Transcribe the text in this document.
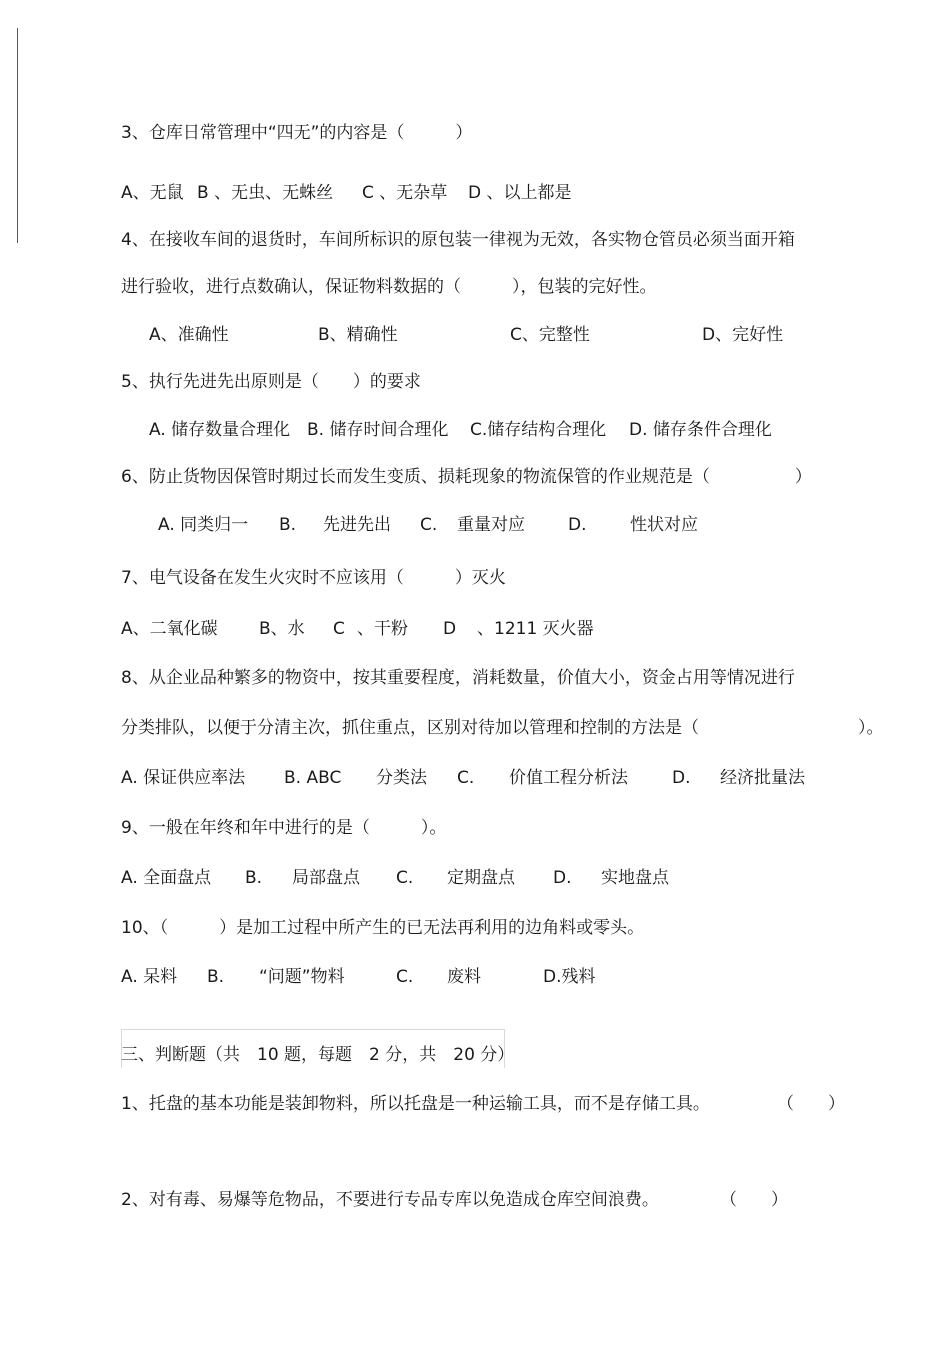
3、仓库日常管理中“四无”的内容是（　　　）
A、无鼠 B 、无虫、无蛛丝 C 、无杂草 D 、以上都是
4、在接收车间的退货时，车间所标识的原包装一律视为无效，各实物仓管员必须当面开箱
进行验收，进行点数确认，保证物料数据的（　　　），包装的完好性。
A、准确性	B、精确性	C、完整性	D、完好性
5、执行先进先出原则是（　　）的要求
A. 储存数量合理化 B. 储存时间合理化 C.储存结构合理化 D. 储存条件合理化
6、防止货物因保管时期过长而发生变质、损耗现象的物流保管的作业规范是（　　　　　）
A. 同类归一 B. 先进先出 C. 重量对应	D.	性状对应
7、电气设备在发生火灾时不应该用（　　　）灭火
A、二氧化碳 B、水 C 、干粉 D 、1211 灭火器
8、从企业品种繁多的物资中，按其重要程度，消耗数量，价值大小，资金占用等情况进行
分类排队，以便于分清主次，抓住重点，区别对待加以管理和控制的方法是（	）。
A. 保证供应率法 B. ABC 分类法 C. 价值工程分析法	D. 经济批量法
9、一般在年终和年中进行的是（　　　）。
A. 全面盘点 B. 局部盘点 C. 定期盘点 D. 实地盘点
10、（　　　）是加工过程中所产生的已无法再利用的边角料或零头。
A. 呆料 B. “问题”物料	C. 废料	D.残料
三、判断题（共　10 题，每题　2 分，共　20 分）
1、托盘的基本功能是装卸物料，所以托盘是一种运输工具，而不是存储工具。	（　　）
2、对有毒、易爆等危物品，不要进行专品专库以免造成仓库空间浪费。	（　　）
